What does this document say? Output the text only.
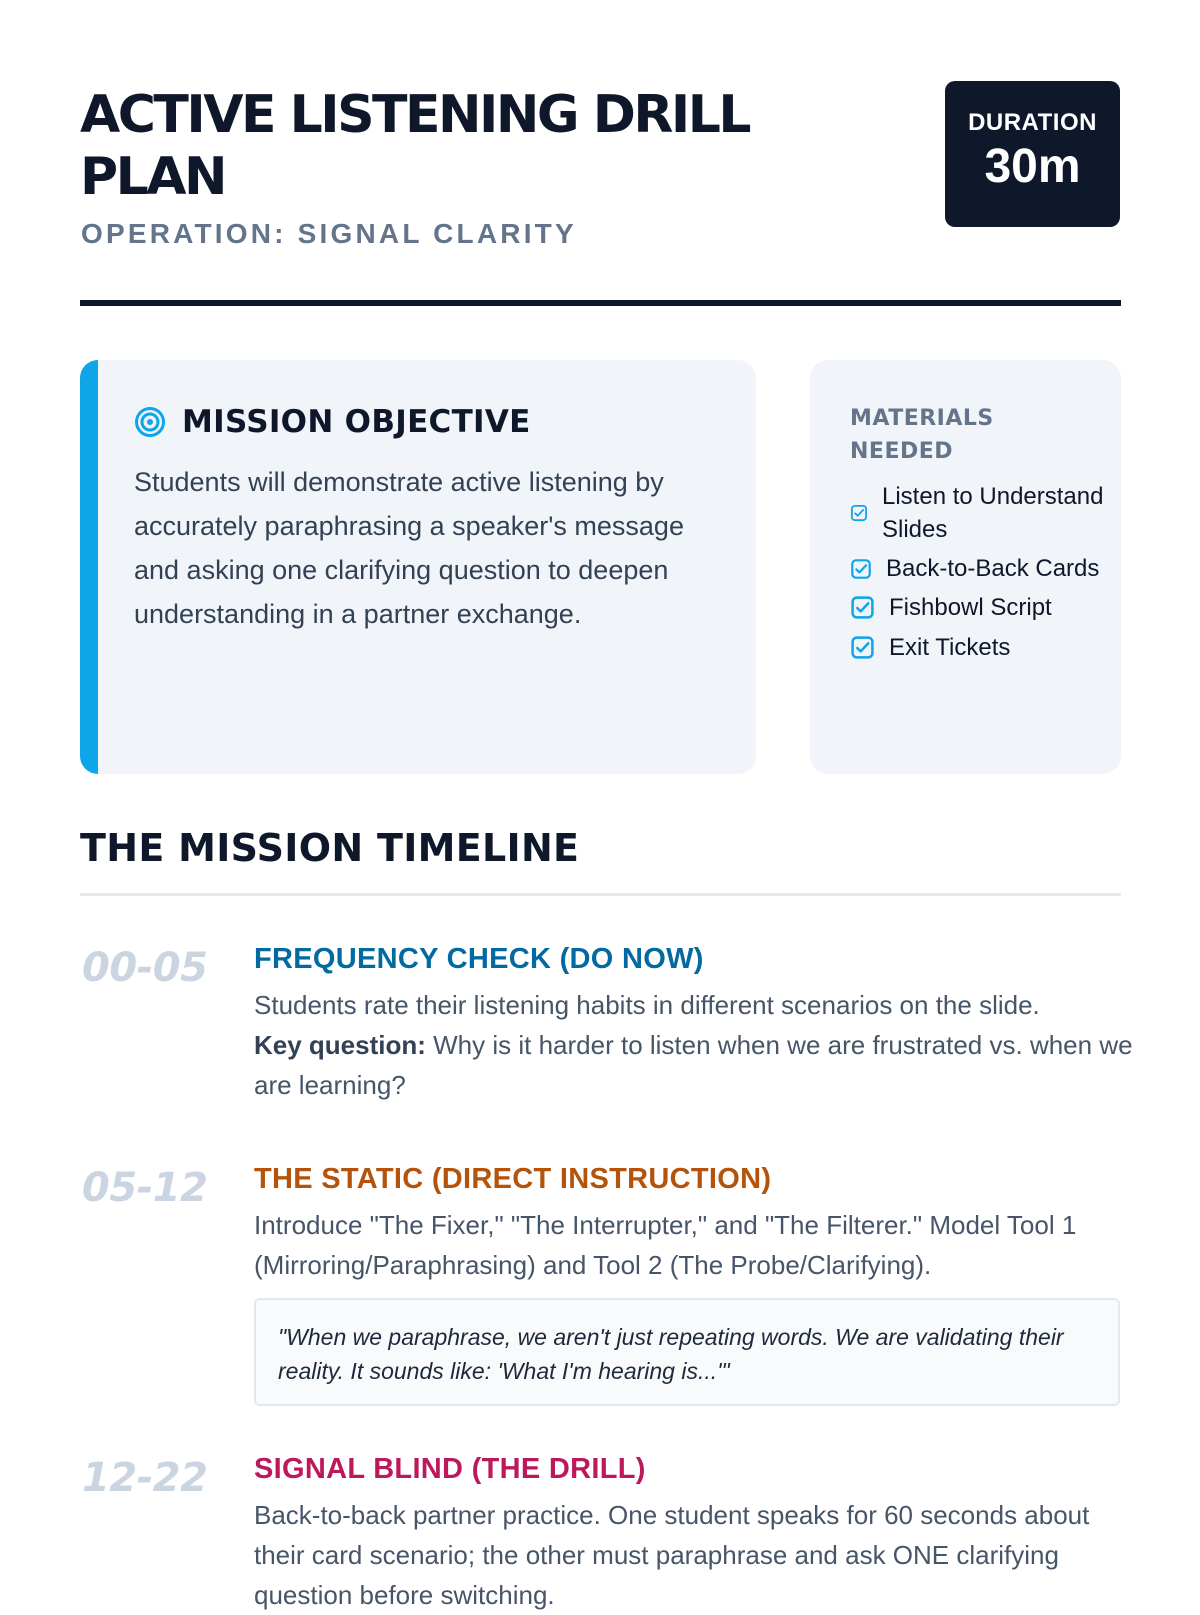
ACTIVE LISTENING DRILL PLAN

OPERATION: SIGNAL CLARITY

DURATION
30m
MISSION OBJECTIVE

Students will demonstrate active listening by accurately paraphrasing a speaker's message and asking one clarifying question to deepen understanding in a partner exchange.

MATERIALS NEEDED
Listen to Understand Slides
Back-to-Back Cards
Fishbowl Script
Exit Tickets
THE MISSION TIMELINE

00-05 FREQUENCY CHECK (DO NOW)

Students rate their listening habits in different scenarios on the slide.
Key question: Why is it harder to listen when we are frustrated vs. when we are learning?

05-12 THE STATIC (DIRECT INSTRUCTION)

Introduce "The Fixer," "The Interrupter," and "The Filterer." Model Tool 1 (Mirroring/Paraphrasing) and Tool 2 (The Probe/Clarifying).

"When we paraphrase, we aren't just repeating words. We are validating their reality. It sounds like: 'What I'm hearing is...'"

12-22 SIGNAL BLIND (THE DRILL)

Back-to-back partner practice. One student speaks for 60 seconds about their card scenario; the other must paraphrase and ask ONE clarifying question before switching.
